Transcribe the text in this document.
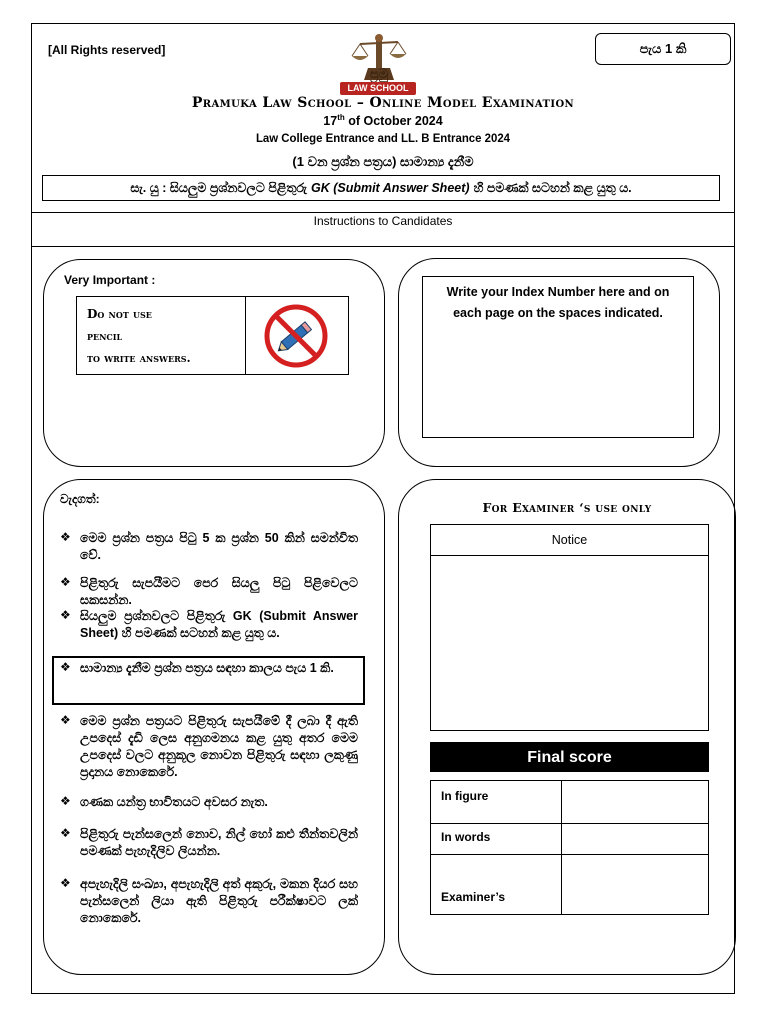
[All Rights reserved]	පැය 1 කි
ප්‍රමු
LAW SCHOOL
Pramuka Law School – Online Model Examination
17th of October 2024
Law College Entrance and LL. B Entrance 2024
(1 වන ප්‍රශ්න පත්‍රය) සාමාන්‍ය දැනීම
සැ. යු : සියලුම ප්‍රශ්නවලට පිළිතුරු GK (Submit Answer Sheet) හි පමණක් සටහන් කළ යුතු ය.
Instructions to Candidates
Very Important :
Do not use
pencil
to write answers.
Write your Index Number here and on each page on the spaces indicated.
වැදගත්:
❖ මෙම ප්‍රශ්න පත්‍රය පිටු 5 ක ප්‍රශ්න 50 කින් සමන්විත වේ.
❖ පිළිතුරු සැපයීමට පෙර සියලු පිටු පිළිවෙලට සකසන්න.
❖ සියලුම ප්‍රශ්නවලට පිළිතුරු GK (Submit Answer Sheet) හි පමණක් සටහන් කළ යුතු ය.
❖ සාමාන්‍ය දැනීම ප්‍රශ්න පත්‍රය සඳහා කාලය පැය 1 කි.
❖ මෙම ප්‍රශ්න පත්‍රයට පිළිතුරු සැපයීමේ දී ලබා දී ඇති උපදෙස් දැඩි ලෙස අනුගමනය කළ යුතු අතර මෙම උපදෙස් වලට අනුකූල නොවන පිළිතුරු සඳහා ලකුණු ප්‍රදානය නොකෙරේ.
❖ ගණක යන්ත්‍ර භාවිතයට අවසර නැත.
❖ පිළිතුරු පැන්සලෙන් නොව, නිල් හෝ කළු තීන්තවලින් පමණක් පැහැදිලිව ලියන්න.
❖ අපැහැදිලි සංඛ්‍යා, අපැහැදිලි අත් අකුරු, මකන දියර සහ පැන්සලෙන් ලියා ඇති පිළිතුරු පරීක්ෂාවට ලක් නොකෙරේ.
For Examiner ‘s use only
Notice
Final score
In figure
In words
Examiner’s
